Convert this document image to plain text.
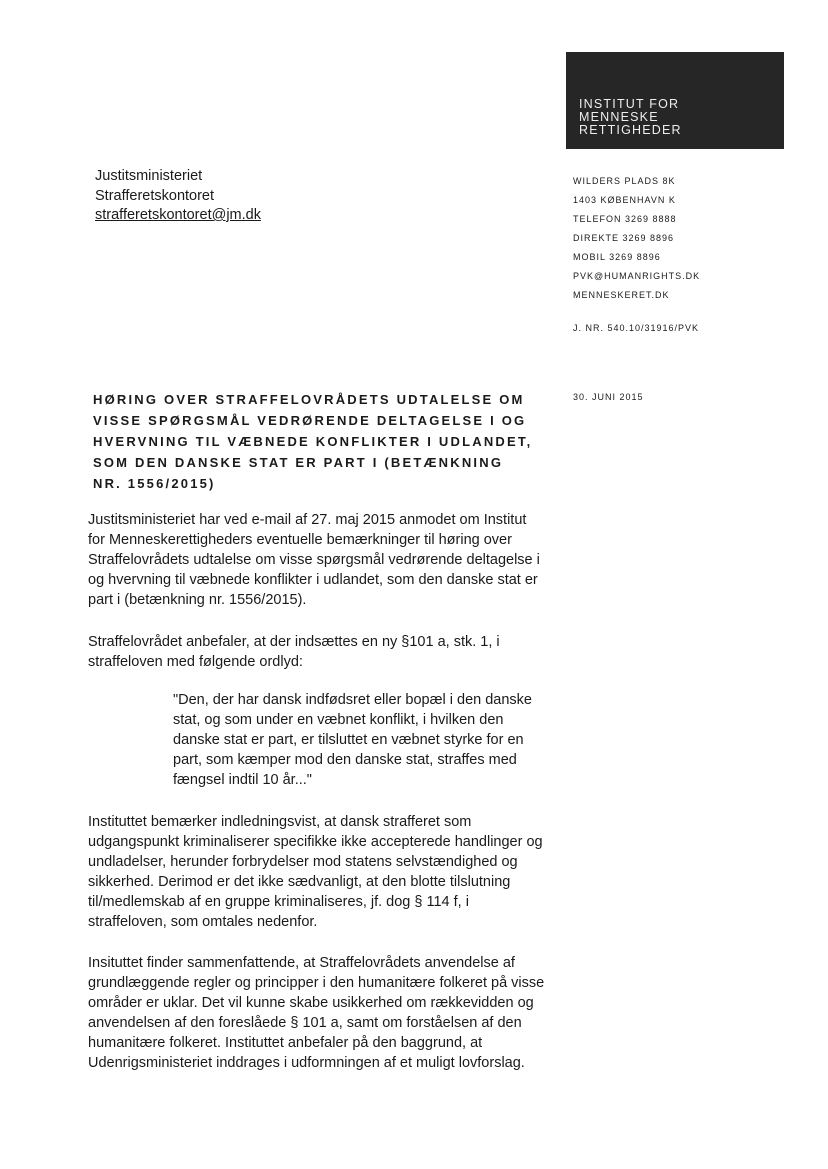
INSTITUT FOR
MENNESKE
RETTIGHEDER
Justitsministeriet
Strafferetskontoret
strafferetskontoret@jm.dk
WILDERS PLADS 8K
1403 KØBENHAVN K
TELEFON 3269 8888
DIREKTE 3269 8896
MOBIL 3269 8896
PVK@HUMANRIGHTS.DK
MENNESKERET.DK
J. NR. 540.10/31916/PVK
HØRING OVER STRAFFELOVRÅDETS UDTALELSE OM
VISSE SPØRGSMÅL VEDRØRENDE DELTAGELSE I OG
HVERVNING TIL VÆBNEDE KONFLIKTER I UDLANDET,
SOM DEN DANSKE STAT ER PART I (BETÆNKNING
NR. 1556/2015)
30. JUNI 2015
Justitsministeriet har ved e-mail af 27. maj 2015 anmodet om Institut
for Menneskerettigheders eventuelle bemærkninger til høring over
Straffelovrådets udtalelse om visse spørgsmål vedrørende deltagelse i
og hvervning til væbnede konflikter i udlandet, som den danske stat er
part i (betænkning nr. 1556/2015).
Straffelovrådet anbefaler, at der indsættes en ny §101 a, stk. 1, i
straffeloven med følgende ordlyd:
"Den, der har dansk indfødsret eller bopæl i den danske
stat, og som under en væbnet konflikt, i hvilken den
danske stat er part, er tilsluttet en væbnet styrke for en
part, som kæmper mod den danske stat, straffes med
fængsel indtil 10 år..."
Instituttet bemærker indledningsvist, at dansk strafferet som
udgangspunkt kriminaliserer specifikke ikke accepterede handlinger og
undladelser, herunder forbrydelser mod statens selvstændighed og
sikkerhed. Derimod er det ikke sædvanligt, at den blotte tilslutning
til/medlemskab af en gruppe kriminaliseres, jf. dog § 114 f, i
straffeloven, som omtales nedenfor.
Insituttet finder sammenfattende, at Straffelovrådets anvendelse af
grundlæggende regler og principper i den humanitære folkeret på visse
områder er uklar. Det vil kunne skabe usikkerhed om rækkevidden og
anvendelsen af den foreslåede § 101 a, samt om forståelsen af den
humanitære folkeret. Instituttet anbefaler på den baggrund, at
Udenrigsministeriet inddrages i udformningen af et muligt lovforslag.
